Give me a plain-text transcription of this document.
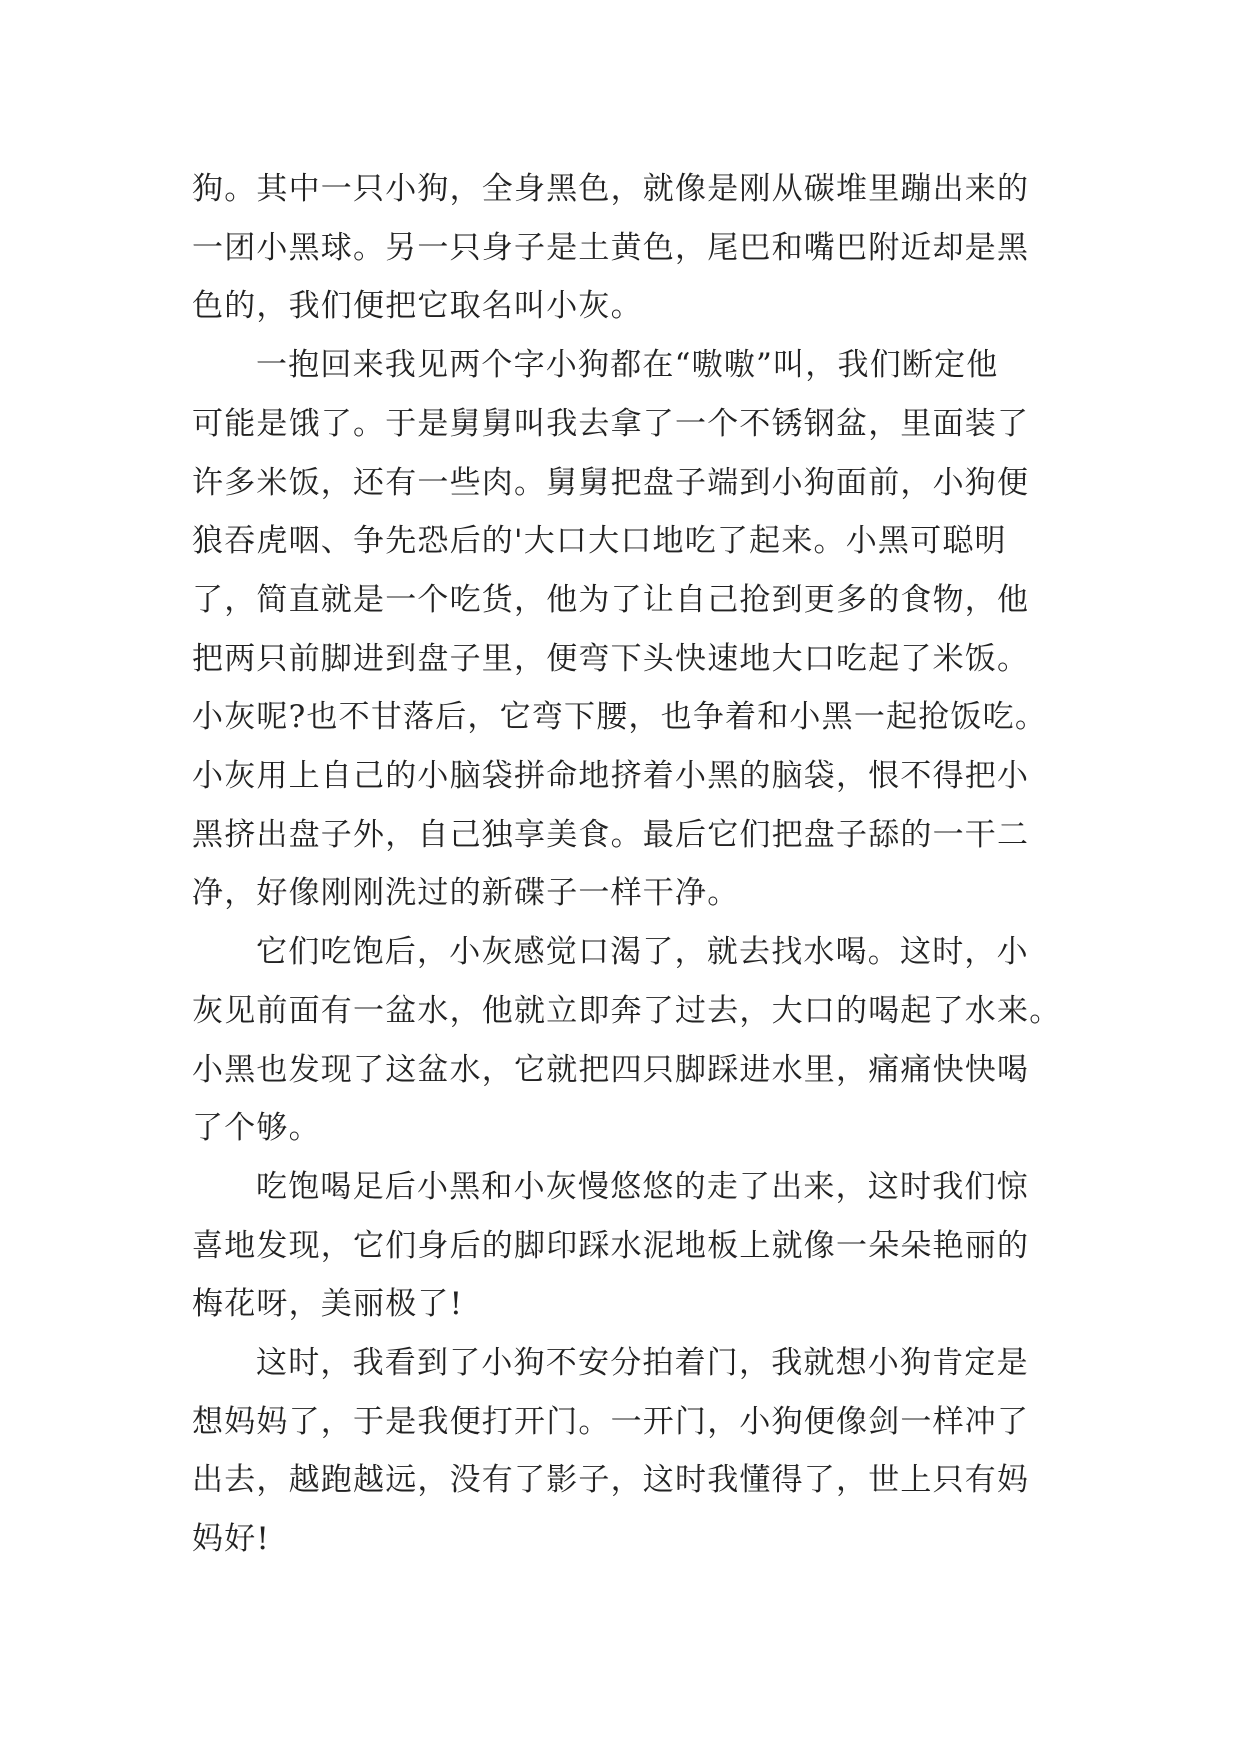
狗。其中一只小狗，全身黑色，就像是刚从碳堆里蹦出来的
一团小黑球。另一只身子是土黄色，尾巴和嘴巴附近却是黑
色的，我们便把它取名叫小灰。
一抱回来我见两个字小狗都在“嗷嗷”叫，我们断定他
可能是饿了。于是舅舅叫我去拿了一个不锈钢盆，里面装了
许多米饭，还有一些肉。舅舅把盘子端到小狗面前，小狗便
狼吞虎咽、争先恐后的'大口大口地吃了起来。小黑可聪明
了，简直就是一个吃货，他为了让自己抢到更多的食物，他
把两只前脚进到盘子里，便弯下头快速地大口吃起了米饭。
小灰呢?也不甘落后，它弯下腰，也争着和小黑一起抢饭吃。
小灰用上自己的小脑袋拼命地挤着小黑的脑袋，恨不得把小
黑挤出盘子外，自己独享美食。最后它们把盘子舔的一干二
净，好像刚刚洗过的新碟子一样干净。
它们吃饱后，小灰感觉口渴了，就去找水喝。这时，小
灰见前面有一盆水，他就立即奔了过去，大口的喝起了水来。
小黑也发现了这盆水，它就把四只脚踩进水里，痛痛快快喝
了个够。
吃饱喝足后小黑和小灰慢悠悠的走了出来，这时我们惊
喜地发现，它们身后的脚印踩水泥地板上就像一朵朵艳丽的
梅花呀，美丽极了!
这时，我看到了小狗不安分拍着门，我就想小狗肯定是
想妈妈了，于是我便打开门。一开门，小狗便像剑一样冲了
出去，越跑越远，没有了影子，这时我懂得了，世上只有妈
妈好!
